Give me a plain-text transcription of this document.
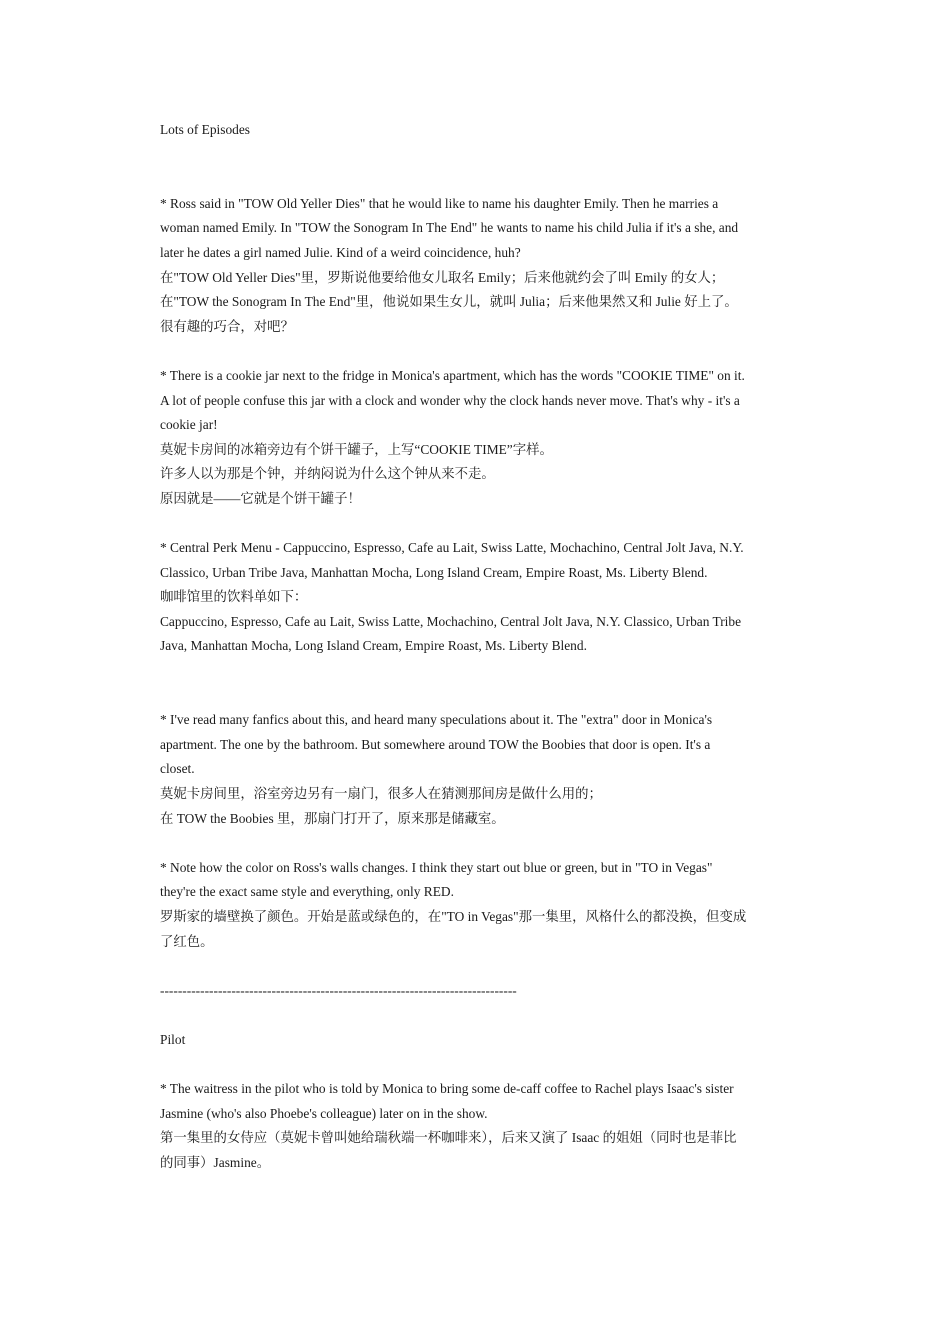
Lots of Episodes
* Ross said in "TOW Old Yeller Dies" that he would like to name his daughter Emily. Then he marries a
woman named Emily. In "TOW the Sonogram In The End" he wants to name his child Julia if it's a she, and
later he dates a girl named Julie. Kind of a weird coincidence, huh?
在"TOW Old Yeller Dies"里，罗斯说他要给他女儿取名 Emily；后来他就约会了叫 Emily 的女人；
在"TOW the Sonogram In The End"里，他说如果生女儿，就叫 Julia；后来他果然又和 Julie 好上了。
很有趣的巧合，对吧？
* There is a cookie jar next to the fridge in Monica's apartment, which has the words "COOKIE TIME" on it.
A lot of people confuse this jar with a clock and wonder why the clock hands never move. That's why - it's a
cookie jar!
莫妮卡房间的冰箱旁边有个饼干罐子，上写“COOKIE TIME”字样。
许多人以为那是个钟，并纳闷说为什么这个钟从来不走。
原因就是——它就是个饼干罐子！
* Central Perk Menu - Cappuccino, Espresso, Cafe au Lait, Swiss Latte, Mochachino, Central Jolt Java, N.Y.
Classico, Urban Tribe Java, Manhattan Mocha, Long Island Cream, Empire Roast, Ms. Liberty Blend.
咖啡馆里的饮料单如下：
Cappuccino, Espresso, Cafe au Lait, Swiss Latte, Mochachino, Central Jolt Java, N.Y. Classico, Urban Tribe
Java, Manhattan Mocha, Long Island Cream, Empire Roast, Ms. Liberty Blend.
* I've read many fanfics about this, and heard many speculations about it. The "extra" door in Monica's
apartment. The one by the bathroom. But somewhere around TOW the Boobies that door is open. It's a
closet.
莫妮卡房间里，浴室旁边另有一扇门，很多人在猜测那间房是做什么用的；
在 TOW the Boobies 里，那扇门打开了，原来那是储藏室。
* Note how the color on Ross's walls changes. I think they start out blue or green, but in "TO in Vegas"
they're the exact same style and everything, only RED.
罗斯家的墙壁换了颜色。开始是蓝或绿色的，在"TO in Vegas"那一集里，风格什么的都没换，但变成
了红色。
--------------------------------------------------------------------------------
Pilot
* The waitress in the pilot who is told by Monica to bring some de-caff coffee to Rachel plays Isaac's sister
Jasmine (who's also Phoebe's colleague) later on in the show.
第一集里的女侍应（莫妮卡曾叫她给瑞秋端一杯咖啡来），后来又演了 Isaac 的姐姐（同时也是菲比
的同事）Jasmine。
